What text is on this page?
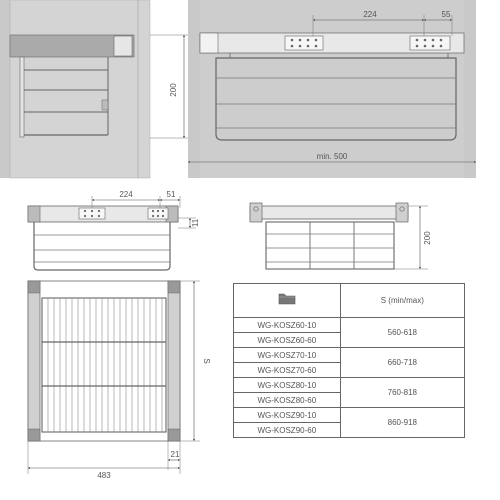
200
224	55
min. 500
224	51
11
200
S
483
21
	S (min/max)
WG-KOSZ60-10	560-618
WG-KOSZ60-60	
WG-KOSZ70-10	660-718
WG-KOSZ70-60	
WG-KOSZ80-10	760-818
WG-KOSZ80-60	
WG-KOSZ90-10	860-918
WG-KOSZ90-60	
